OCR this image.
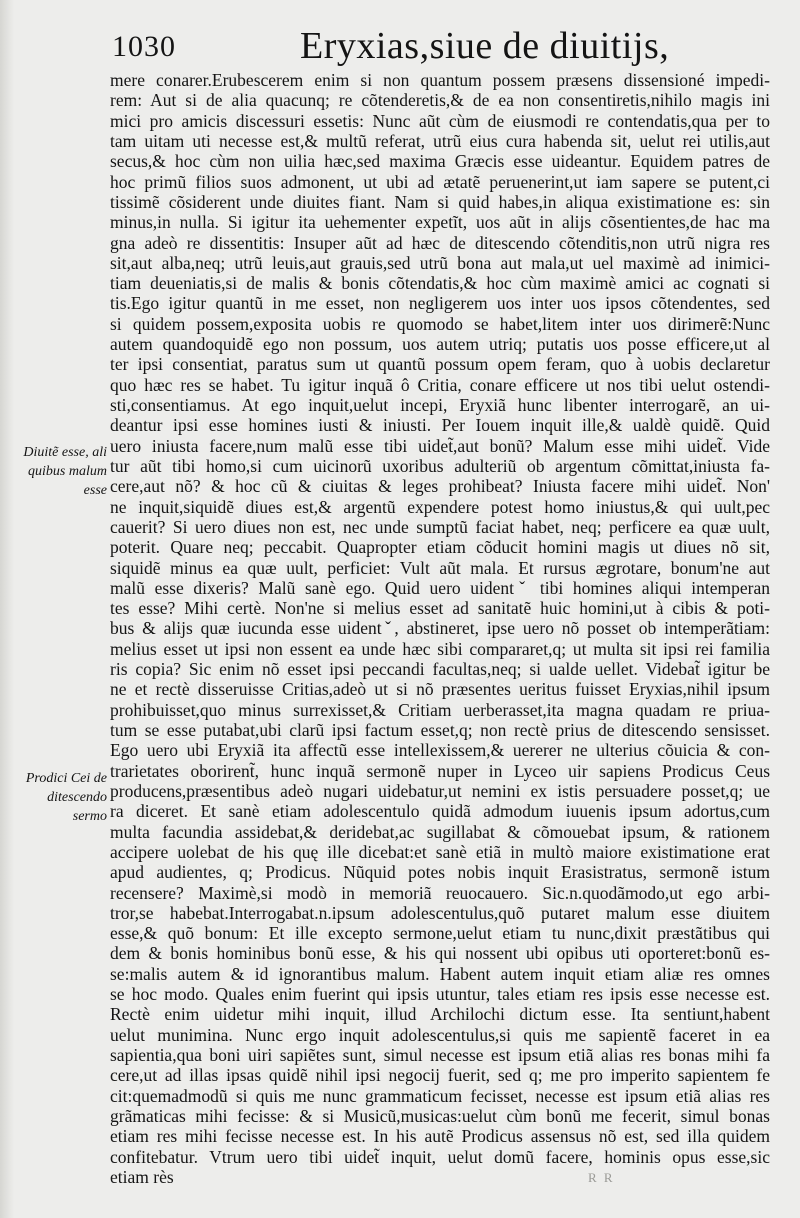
1030	Eryxias,siue de diuitijs,
Diuitẽ esse, ali
quibus malum
esse
Prodici Cei de
ditescendo
sermo
mere conarer.Erubescerem enim si non quantum possem præsens dissensioné impedi-
rem: Aut si de alia quacunq; re cõtenderetis,& de ea non consentiretis,nihilo magis ini
mici pro amicis discessuri essetis: Nunc aũt cùm de eiusmodi re contendatis,qua per to
tam uitam uti necesse est,& multũ referat, utrũ eius cura habenda sit, uelut rei utilis,aut
secus,& hoc cùm non uilia hæc,sed maxima Græcis esse uideantur. Equidem patres de
hoc primũ filios suos admonent, ut ubi ad ætatẽ peruenerint,ut iam sapere se putent,ci
tissimẽ cõsiderent unde diuites fiant. Nam si quid habes,in aliqua existimatione es: sin
minus,in nulla. Si igitur ita uehementer expetĩt, uos aũt in alijs cõsentientes,de hac ma
gna adeò re dissentitis: Insuper aũt ad hæc de ditescendo cõtenditis,non utrũ nigra res
sit,aut alba,neq; utrũ leuis,aut grauis,sed utrũ bona aut mala,ut uel maximè ad inimici-
tiam deueniatis,si de malis & bonis cõtendatis,& hoc cùm maximè amici ac cognati si
tis.Ego igitur quantũ in me esset, non negligerem uos inter uos ipsos cõtendentes, sed
si quidem possem,exposita uobis re quomodo se habet,litem inter uos dirimerẽ:Nunc
autem quandoquidẽ ego non possum, uos autem utriq; putatis uos posse efficere,ut al
ter ipsi consentiat, paratus sum ut quantũ possum opem feram, quo à uobis declaretur
quo hæc res se habet. Tu igitur inquã ô Critia, conare efficere ut nos tibi uelut ostendi-
sti,consentiamus. At ego inquit,uelut incepi, Eryxiã hunc libenter interrogarẽ, an ui-
deantur ipsi esse homines iusti & iniusti. Per Iouem inquit ille,& ualdè quidẽ. Quid
uero iniusta facere,num malũ esse tibi uidet̃,aut bonũ? Malum esse mihi uidet̃. Vide
tur aũt tibi homo,si cum uicinorũ uxoribus adulteriũ ob argentum cõmittat,iniusta fa-
cere,aut nõ? & hoc cũ & ciuitas & leges prohibeat? Iniusta facere mihi uidet̃. Non'
ne inquit,siquidẽ diues est,& argentũ expendere potest homo iniustus,& qui uult,pec
cauerit? Si uero diues non est, nec unde sumptũ faciat habet, neq; perficere ea quæ uult,
poterit. Quare neq; peccabit. Quapropter etiam cõducit homini magis ut diues nõ sit,
siquidẽ minus ea quæ uult, perficiet: Vult aũt mala. Et rursus ægrotare, bonum'ne aut
malũ esse dixeris? Malũ sanè ego. Quid uero uidentˇ tibi homines aliqui intemperan
tes esse? Mihi certè. Non'ne si melius esset ad sanitatẽ huic homini,ut à cibis & poti-
bus & alijs quæ iucunda esse uidentˇ, abstineret, ipse uero nõ posset ob intemperãtiam:
melius esset ut ipsi non essent ea unde hæc sibi compararet,q; ut multa sit ipsi rei familia
ris copia? Sic enim nõ esset ipsi peccandi facultas,neq; si ualde uellet. Videbat̃ igitur be
ne et rectè disseruisse Critias,adeò ut si nõ præsentes ueritus fuisset Eryxias,nihil ipsum
prohibuisset,quo minus surrexisset,& Critiam uerberasset,ita magna quadam re priua-
tum se esse putabat,ubi clarũ ipsi factum esset,q; non rectè prius de ditescendo sensisset.
Ego uero ubi Eryxiã ita affectũ esse intellexissem,& uererer ne ulterius cõuicia & con-
trarietates oborirent̃, hunc inquã sermonẽ nuper in Lyceo uir sapiens Prodicus Ceus
producens,præsentibus adeò nugari uidebatur,ut nemini ex istis persuadere posset,q; ue
ra diceret. Et sanè etiam adolescentulo quidã admodum iuuenis ipsum adortus,cum
multa facundia assidebat,& deridebat,ac sugillabat & cõmouebat ipsum, & rationem
accipere uolebat de his quę ille dicebat:et sanè etiã in multò maiore existimatione erat
apud audientes, q; Prodicus. Nũquid potes nobis inquit Erasistratus, sermonẽ istum
recensere? Maximè,si modò in memoriã reuocauero. Sic.n.quodãmodo,ut ego arbi-
tror,se habebat.Interrogabat.n.ipsum adolescentulus,quõ putaret malum esse diuitem
esse,& quõ bonum: Et ille excepto sermone,uelut etiam tu nunc,dixit præstãtibus qui
dem & bonis hominibus bonũ esse, & his qui nossent ubi opibus uti oporteret:bonũ es-
se:malis autem & id ignorantibus malum. Habent autem inquit etiam aliæ res omnes
se hoc modo. Quales enim fuerint qui ipsis utuntur, tales etiam res ipsis esse necesse est.
Rectè enim uidetur mihi inquit, illud Archilochi dictum esse. Ita sentiunt,habent
uelut munimina. Nunc ergo inquit adolescentulus,si quis me sapientẽ faceret in ea
sapientia,qua boni uiri sapiẽtes sunt, simul necesse est ipsum etiã alias res bonas mihi fa
cere,ut ad illas ipsas quidẽ nihil ipsi negocij fuerit, sed q; me pro imperito sapientem fe
cit:quemadmodũ si quis me nunc grammaticum fecisset, necesse est ipsum etiã alias res
grãmaticas mihi fecisse: & si Musicũ,musicas:uelut cùm bonũ me fecerit, simul bonas
etiam res mihi fecisse necesse est. In his autẽ Prodicus assensus nõ est, sed illa quidem
confitebatur. Vtrum uero tibi uidet̃ inquit, uelut domũ facere, hominis opus esse,sic
etiam rès	R R
